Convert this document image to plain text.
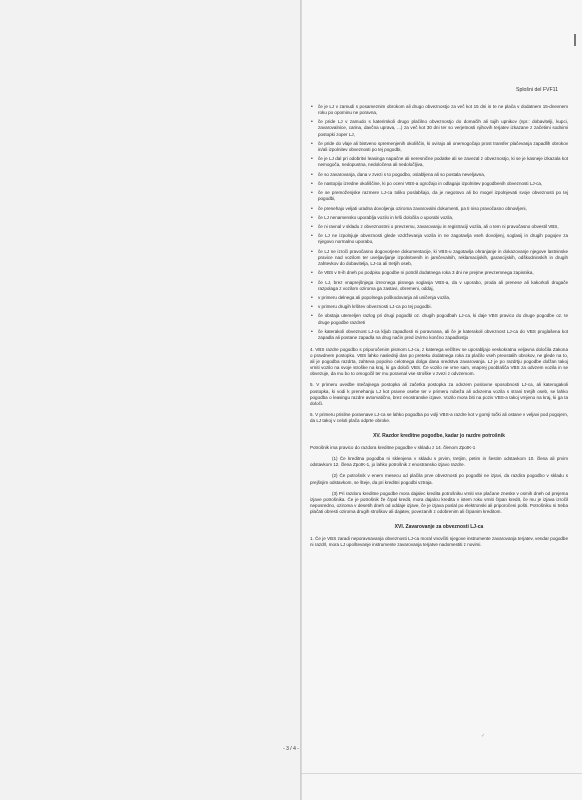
Splošni del FVF11
• če je LJ v zamudi s posameznim obrokom ali drugo obveznostjo za več kot 15 dni in te ne plača v dodatnem 15-dnevnem roku po opominu ne poravna,
• če pride LJ v zamudo s katerimkoli drugo plačilno obveznostjo do domačih ali tujih upnikov (npr.: dobavitelji, kupci, zavarovalnice, carina, davčna uprava, ...) za več kot 30 dni ter so verjetnosti njihovih terjatev izkazane z začetimi sodnimi postopki zoper LJ,
• če pride do vlaje ali bistveno spremenjenih okoliščin, ki ovirajo ali onemogočajo prost transfer plačevanja zapadlih obrokov in/ali izpolnitev obveznosti po tej pogodbi,
• če je LJ dal pri odobritvi leasinga napačne ali neresnične podatke ali se zavezal z obveznostjo, ki se je kasneje izkazala kot nemogoča, nedopustna, nedoločena ali nedoločljiva,
• če so zavarovanja, dana v zvezi s to pogodbo, oslabljena ali so postala neveljavna,
• če nastopijo izredne okoliščine, ki po oceni VBS-a ogrožajo in odlagajo izpolnitev pogodbenih obveznosti LJ-ca,
• če se premoženjske razmere LJ-ca toliko poslabšajo, da je negotovo ali bo mogel izpolnjevati svoje obveznosti po tej pogodbi,
• če prenehajo veljati uradna dovoljenja oziroma zavarovalni dokumenti, pa ti niso pravočasno obnovljeni,
• če LJ nenamensko uporablja vozilo in krši določila o uporabi vozila,
• če ni ravnal v skladu z obveznostmi o prevzemu, zavarovanju in registraciji vozila, ali o tem ni pravočasno obvestil VBS,
• če LJ ne izpolnjuje obveznosti glede vzdrževanja vozila in ne zagotavlja vseh dovoljenj, soglasij in drugih pogojev za njegovo normalno uporabo,
• če LJ ne izroči pravočasno dogovorjene dokumentacije, ki VBS-u zagotavlja ohranjanje in dokazovanje njegove lastninske pravice nad vozilom ter uveljavljanje izpolnitvenih in jamčevalnih, reklamacijskih, garancijskih, odškodninskih in drugih zahtevkov do dobavitelja, LJ-ca ali tretjih oseb,
• če VBS v 8-ih dneh po podpisu pogodbe ni potrdil dodatnega roka 3 dni ne prejme prevzemnega zapisnika,
• če LJ, brez vnaprejšnjega izrecnega pisnega soglasja VBS-a, da v uporabo, proda ali prenese ali kakorkoli drugače razpolaga z vozilom oziroma ga zastavi, obremeni, oddaj,
• v primeru delnega ali popolnega poškodovanja ali uničenja vozila,
• v primeru drugih kršitev obveznosti LJ-ca po tej pogodbi.
• če obstaja utemeljen razlog pri drugi pogodbi oz. drugih pogodbah LJ-ca, ki daje VBS pravico do druge pogodbe oz. te druge pogodbe razdreti
• če katerakoli obveznost LJ-ca kljub zapadlosti ni poravnana, ali če je katerakoli obveznost LJ-ca do VBS proglašena kot zapadla ali postane zapadla na drug način pred izvirno končno zapadlostjo

4. VBS razdre pogodbo s priporočenim pismom LJ-cu, z katerega večštev se uporabljajo veskokratna veljavna določila Zakona o pravdnem postopku. VBS lahko naslednji dan po preteku dodatnega roka za plačilo vseh preostalih obrokov, ne glede na to, ali je pogodba razdrta, zahteva popolno celotnega dolga dana sredstva zavarovanja. LJ je po razdrtju pogodbe dolžan takoj vrniti vozilo na svoje stroške na kraj, ki ga določi VBS. Če vozilo ne vrne sam, vnaprej pooblašča VBS za odvzem vozila in se obvezuje, da mu bo to omogočil ter mu poravnal vse stroške v zvezi z odvzemom.

5. V primeru uvedbe stečajnega postopka ali začetka postopka za odvzem poslovne sposobnosti LJ-ca, ali katerogakoli postopka, ki vodi k prenehanju LJ kot pravne osebe ter v primeru rubeža ali odvzema vozila s strani tretjih oseb, se lahko pogodba o leasingu razdre avtomatično, brez enostranske izjave. Vozilo mora biti na poziv VBS-a takoj vrnjeno na kraj, ki ga ta določi.

6. V primeru prisilne poravnave LJ-ca se lahko pogodba po volji VBS-a razdre kot v gornji točki ali ostane v veljavi pod pogojem, da LJ takoj v celoti plača odprte obroke.

XV. Razdor kreditne pogodbe, kadar jo razdre potrošnik

Potrošnik ima pravico do razdora kreditne pogodbe v skladu z 14. členom ZpotK-1

(1) Če kreditna pogodba ni sklenjena v skladu s prvim, tretjim, petim in šestim odstavkom 10. člena ali prvim odstavkom 12. člena ZpotK-1, jo lahko potrošnik z enostransko izjavo razdre.

(2) Če potrošnik v enem mesecu od plačila prve obveznosti po pogodbi ne izjavi, da razdira pogodbo v skladu s prejšnjim odstavkom, se šteje, da pri kreditni pogodbi vztraja.

(3) Pri razdoru kreditne pogodbe mora dajalec kredita potrošniku vrniti vse plačane zneske v osmih dneh od prejema izjave potrošnika. Če je potrošnik že črpal kredit, mora dajalcu kredita v istem roku vrniti črpan kredit, če mu je izjava izročil neposredno, oziroma v desetih dneh od oddaje izjave, če je izjava poslal po elektronski ali priporočeni pošti. Potrošniku ni treba plačati obresti oziroma drugih stroškov ali dajatev, povezanih z odobrenim ali črpanim kreditom.

XVI. Zavarovanje za obveznosti LJ-ca

1. Če je VBS zaradi neporavnavanja obveznosti LJ-ca moral vnovčiti njegove instrumente zavarovanja terjatev, vendar pogodbe ni razdrl, mora LJ upoštevanje instrumente zavarovanja terjatve nadomestiti z novimi.

✓
- 3 / 4 -
